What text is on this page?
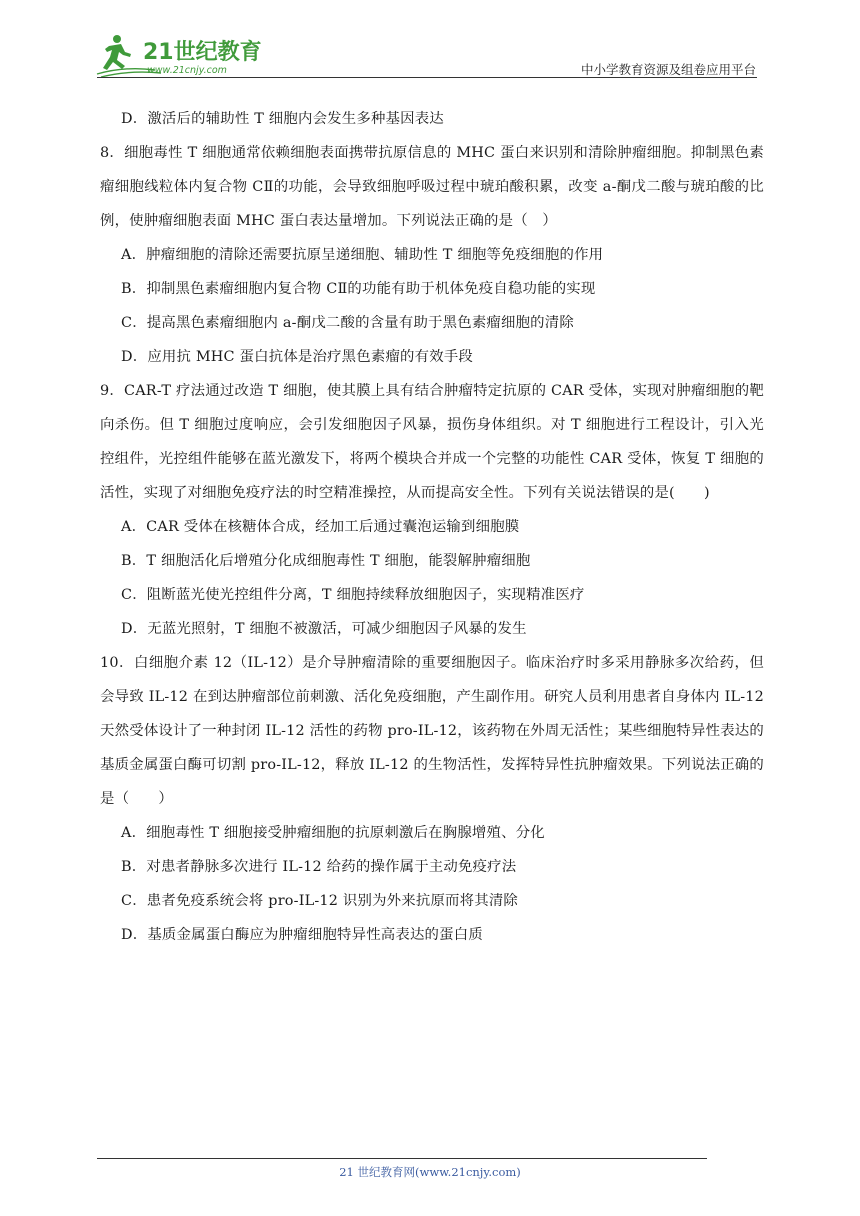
21世纪教育
www.21cnjy.com	中小学教育资源及组卷应用平台
D．激活后的辅助性 T 细胞内会发生多种基因表达
8．细胞毒性 T 细胞通常依赖细胞表面携带抗原信息的 MHC 蛋白来识别和清除肿瘤细胞。抑制黑色素瘤细胞线粒体内复合物 CⅡ的功能，会导致细胞呼吸过程中琥珀酸积累，改变 a-酮戊二酸与琥珀酸的比例，使肿瘤细胞表面 MHC 蛋白表达量增加。下列说法正确的是（　）
A．肿瘤细胞的清除还需要抗原呈递细胞、辅助性 T 细胞等免疫细胞的作用
B．抑制黑色素瘤细胞内复合物 CⅡ的功能有助于机体免疫自稳功能的实现
C．提高黑色素瘤细胞内 a-酮戊二酸的含量有助于黑色素瘤细胞的清除
D．应用抗 MHC 蛋白抗体是治疗黑色素瘤的有效手段
9．CAR-T 疗法通过改造 T 细胞，使其膜上具有结合肿瘤特定抗原的 CAR 受体，实现对肿瘤细胞的靶向杀伤。但 T 细胞过度响应，会引发细胞因子风暴，损伤身体组织。对 T 细胞进行工程设计，引入光控组件，光控组件能够在蓝光激发下，将两个模块合并成一个完整的功能性 CAR 受体，恢复 T 细胞的活性，实现了对细胞免疫疗法的时空精准操控，从而提高安全性。下列有关说法错误的是(　　)
A．CAR 受体在核糖体合成，经加工后通过囊泡运输到细胞膜
B．T 细胞活化后增殖分化成细胞毒性 T 细胞，能裂解肿瘤细胞
C．阻断蓝光使光控组件分离，T 细胞持续释放细胞因子，实现精准医疗
D．无蓝光照射，T 细胞不被激活，可减少细胞因子风暴的发生
10．白细胞介素 12（IL-12）是介导肿瘤清除的重要细胞因子。临床治疗时多采用静脉多次给药，但会导致 IL-12 在到达肿瘤部位前刺激、活化免疫细胞，产生副作用。研究人员利用患者自身体内 IL-12 天然受体设计了一种封闭 IL-12 活性的药物 pro-IL-12，该药物在外周无活性；某些细胞特异性表达的基质金属蛋白酶可切割 pro-IL-12，释放 IL-12 的生物活性，发挥特异性抗肿瘤效果。下列说法正确的是（　　）
A．细胞毒性 T 细胞接受肿瘤细胞的抗原刺激后在胸腺增殖、分化
B．对患者静脉多次进行 IL-12 给药的操作属于主动免疫疗法
C．患者免疫系统会将 pro-IL-12 识别为外来抗原而将其清除
D．基质金属蛋白酶应为肿瘤细胞特异性高表达的蛋白质
21 世纪教育网(www.21cnjy.com)
